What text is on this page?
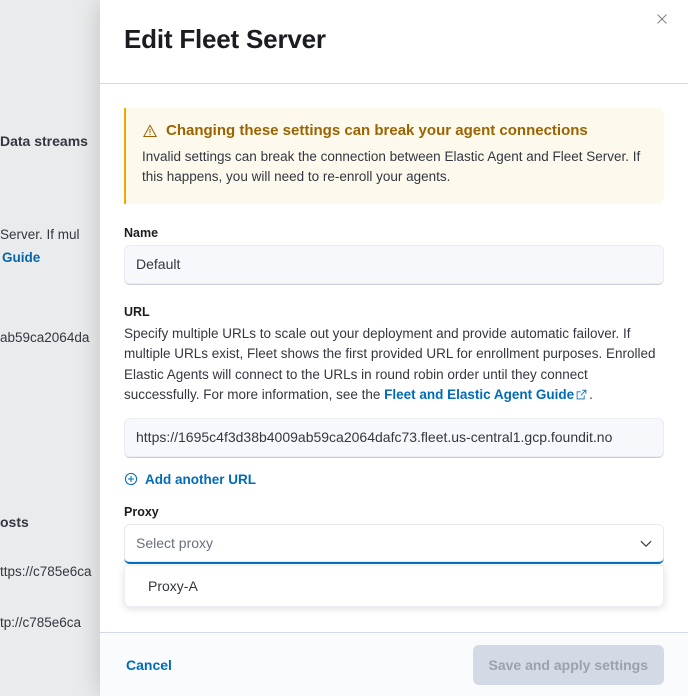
Data streams
Server. If mul
Guide
ab59ca2064da
osts
ttps://c785e6ca
tp://c785e6ca
Edit Fleet Server
Changing these settings can break your agent connections
Invalid settings can break the connection between Elastic Agent and Fleet Server. If this happens, you will need to re-enroll your agents.
Name
Default
URL
Specify multiple URLs to scale out your deployment and provide automatic failover. If multiple URLs exist, Fleet shows the first provided URL for enrollment purposes. Enrolled Elastic Agents will connect to the URLs in round robin order until they connect successfully. For more information, see the Fleet and Elastic Agent Guide .
https://1695c4f3d38b4009ab59ca2064dafc73.fleet.us-central1.gcp.foundit.no
Add another URL
Proxy
Select proxy
Proxy-A
Cancel	Save and apply settings
